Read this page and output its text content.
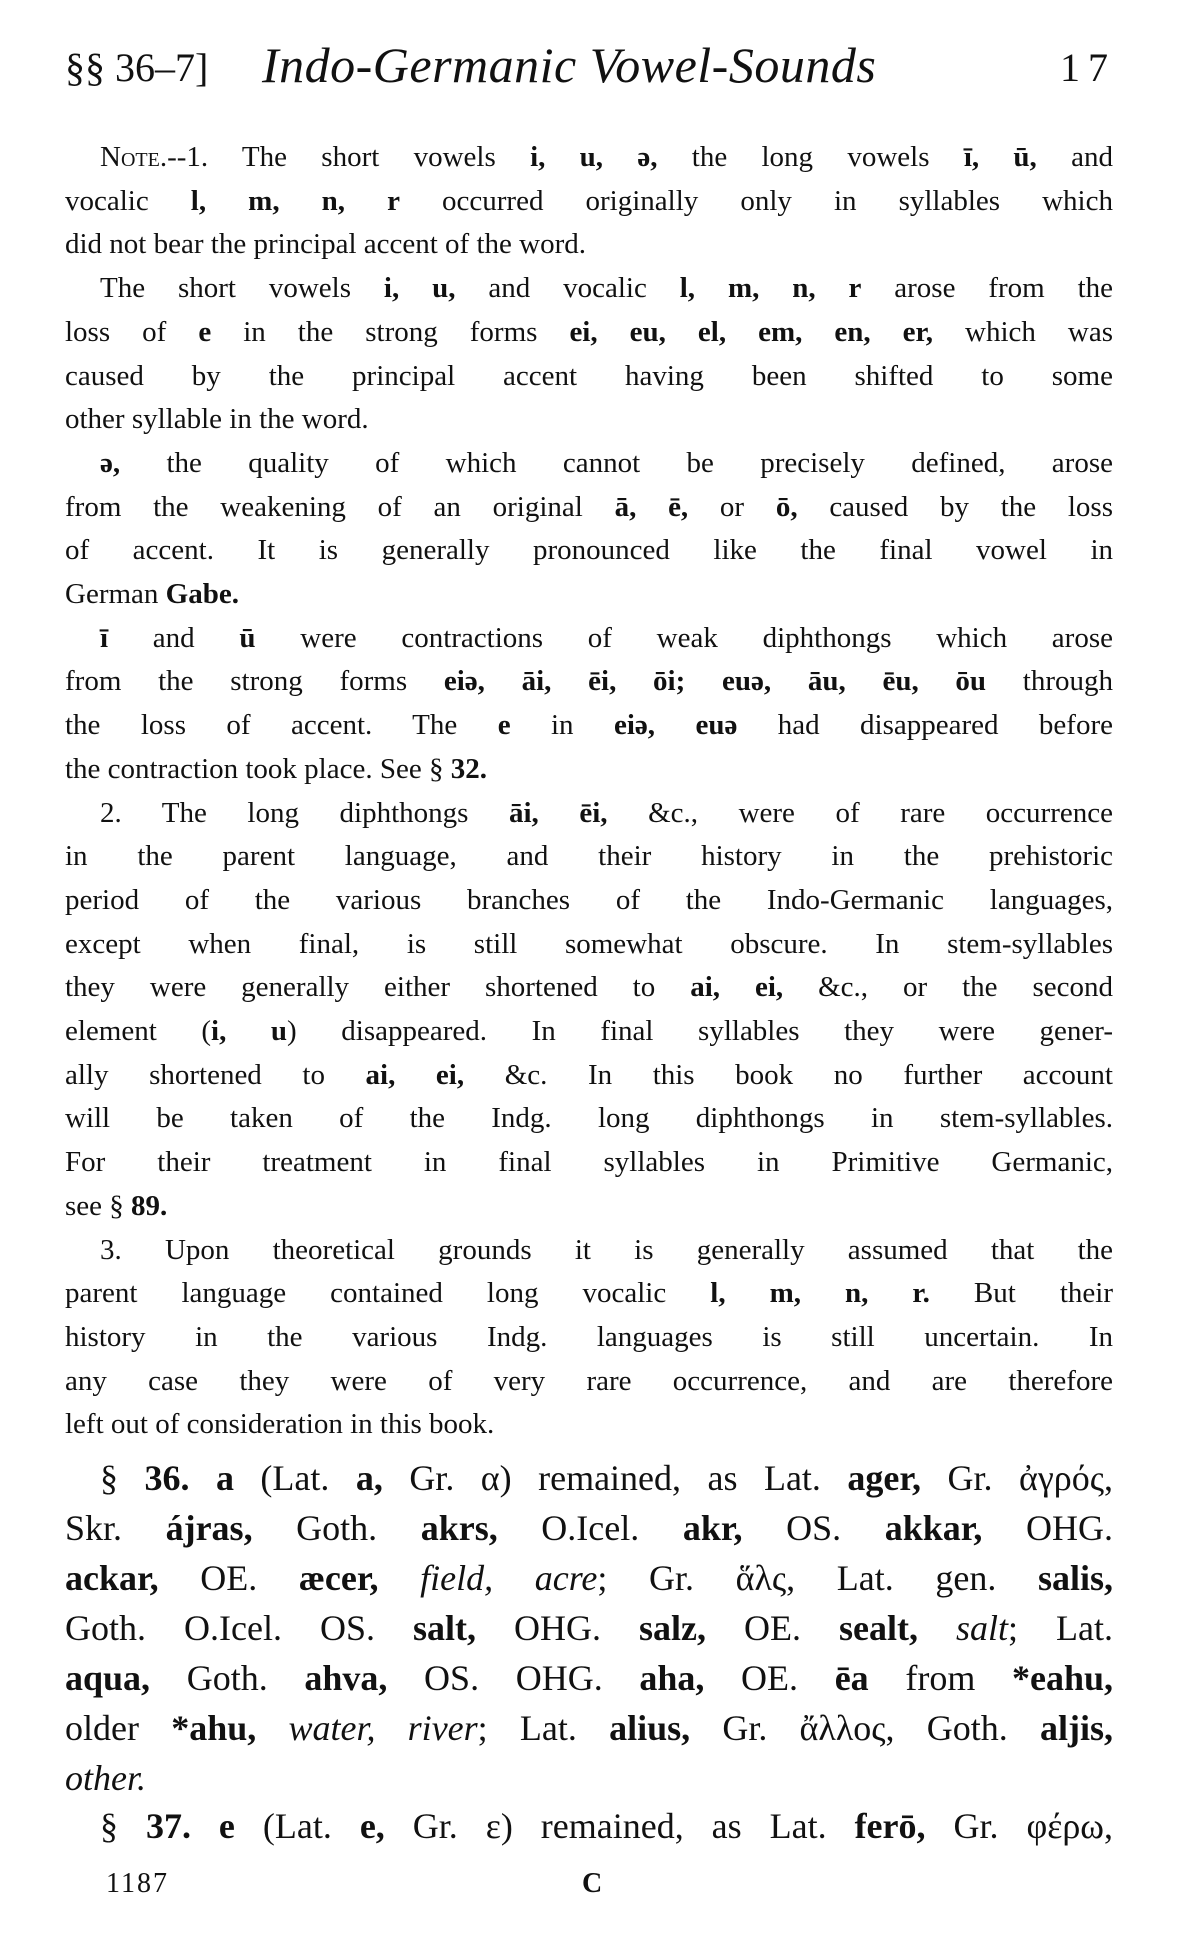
§§ 36–7] Indo-Germanic Vowel-Sounds	17
Note.--1. The short vowels i, u, ə, the long vowels ī, ū, and
vocalic l, m, n, r occurred originally only in syllables which
did not bear the principal accent of the word.
The short vowels i, u, and vocalic l, m, n, r arose from the
loss of e in the strong forms ei, eu, el, em, en, er, which was
caused by the principal accent having been shifted to some
other syllable in the word.
ə, the quality of which cannot be precisely defined, arose
from the weakening of an original ā, ē, or ō, caused by the loss
of accent. It is generally pronounced like the final vowel in
German Gabe.
ī and ū were contractions of weak diphthongs which arose
from the strong forms eiə, āi, ēi, ōi; euə, āu, ēu, ōu through
the loss of accent. The e in eiə, euə had disappeared before
the contraction took place. See § 32.
2. The long diphthongs āi, ēi, &c., were of rare occurrence
in the parent language, and their history in the prehistoric
period of the various branches of the Indo-Germanic languages,
except when final, is still somewhat obscure. In stem-syllables
they were generally either shortened to ai, ei, &c., or the second
element (i, u) disappeared. In final syllables they were gener-
ally shortened to ai, ei, &c. In this book no further account
will be taken of the Indg. long diphthongs in stem-syllables.
For their treatment in final syllables in Primitive Germanic,
see § 89.
3. Upon theoretical grounds it is generally assumed that the
parent language contained long vocalic l, m, n, r. But their
history in the various Indg. languages is still uncertain. In
any case they were of very rare occurrence, and are therefore
left out of consideration in this book.
§ 36. a (Lat. a, Gr. α) remained, as Lat. ager, Gr. ἀγρός,
Skr. ájras, Goth. akrs, O.Icel. akr, OS. akkar, OHG.
ackar, OE. æcer, field, acre; Gr. ἅλς, Lat. gen. salis,
Goth. O.Icel. OS. salt, OHG. salz, OE. sealt, salt; Lat.
aqua, Goth. ahva, OS. OHG. aha, OE. ēa from *eahu,
older *ahu, water, river; Lat. alius, Gr. ἄλλος, Goth. aljis,
other.
§ 37. e (Lat. e, Gr. ε) remained, as Lat. ferō, Gr. φέρω,
1187	C
